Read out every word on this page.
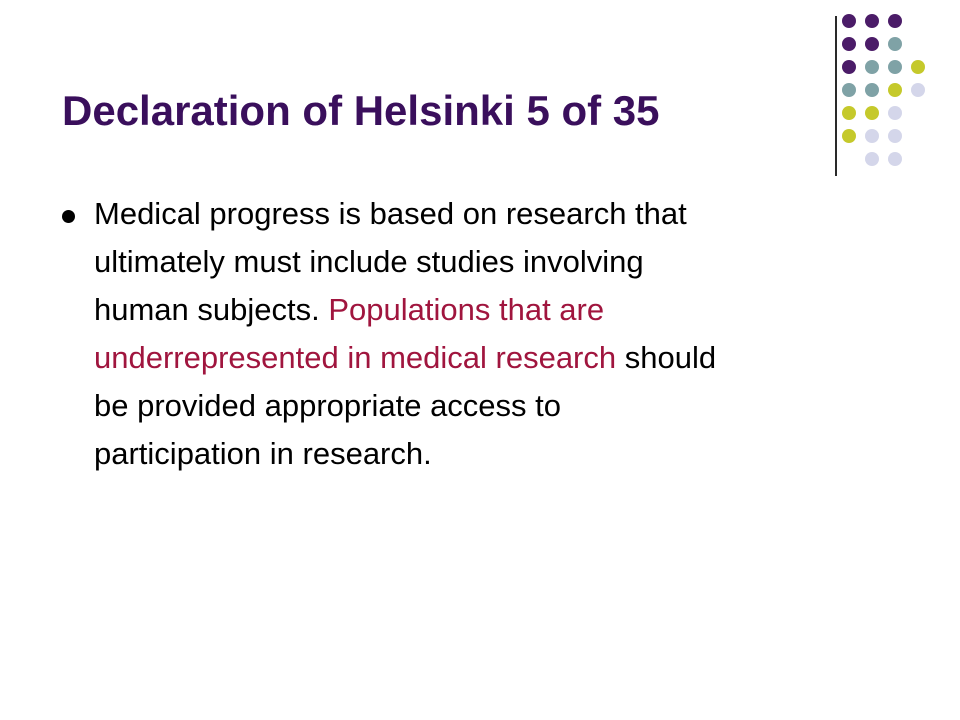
Declaration of Helsinki 5 of 35
Medical progress is based on research that
ultimately must include studies involving
human subjects. Populations that are
underrepresented in medical research should
be provided appropriate access to
participation in research.
